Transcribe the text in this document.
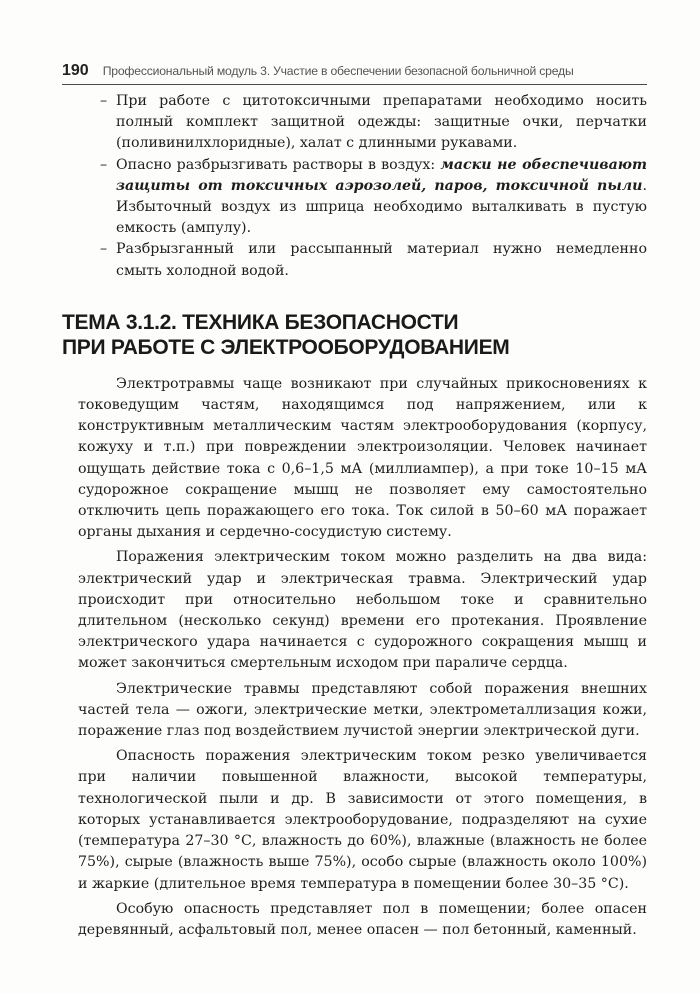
190 Профессиональный модуль 3. Участие в обеспечении безопасной больничной среды
– При работе с цитотоксичными препаратами необходимо носить полный комплект защитной одежды: защитные очки, перчатки (поливинилхлоридные), халат с длинными рукавами.
– Опасно разбрызгивать растворы в воздух: маски не обеспечивают защиты от токсичных аэрозолей, паров, токсичной пыли. Избыточный воздух из шприца необходимо выталкивать в пустую емкость (ампулу).
– Разбрызганный или рассыпанный материал нужно немедленно смыть холодной водой.
ТЕМА 3.1.2. ТЕХНИКА БЕЗОПАСНОСТИ
ПРИ РАБОТЕ С ЭЛЕКТРООБОРУДОВАНИЕМ

Электротравмы чаще возникают при случайных прикосновениях к токоведущим частям, находящимся под напряжением, или к конструктивным металлическим частям электрооборудования (корпусу, кожуху и т.п.) при повреждении электроизоляции. Человек начинает ощущать действие тока с 0,6–1,5 мА (миллиампер), а при токе 10–15 мА судорожное сокращение мышц не позволяет ему самостоятельно отключить цепь поражающего его тока. Ток силой в 50–60 мА поражает органы дыхания и сердечно-сосудистую систему.

Поражения электрическим током можно разделить на два вида: электрический удар и электрическая травма. Электрический удар происходит при относительно небольшом токе и сравнительно длительном (несколько секунд) времени его протекания. Проявление электрического удара начинается с судорожного сокращения мышц и может закончиться смертельным исходом при параличе сердца.

Электрические травмы представляют собой поражения внешних частей тела — ожоги, электрические метки, электрометаллизация кожи, поражение глаз под воздействием лучистой энергии электрической дуги.

Опасность поражения электрическим током резко увеличивается при наличии повышенной влажности, высокой температуры, технологической пыли и др. В зависимости от этого помещения, в которых устанавливается электрооборудование, подразделяют на сухие (температура 27–30 °С, влажность до 60%), влажные (влажность не более 75%), сырые (влажность выше 75%), особо сырые (влажность около 100%) и жаркие (длительное время температура в помещении более 30–35 °С).

Особую опасность представляет пол в помещении; более опасен деревянный, асфальтовый пол, менее опасен — пол бетонный, каменный.
